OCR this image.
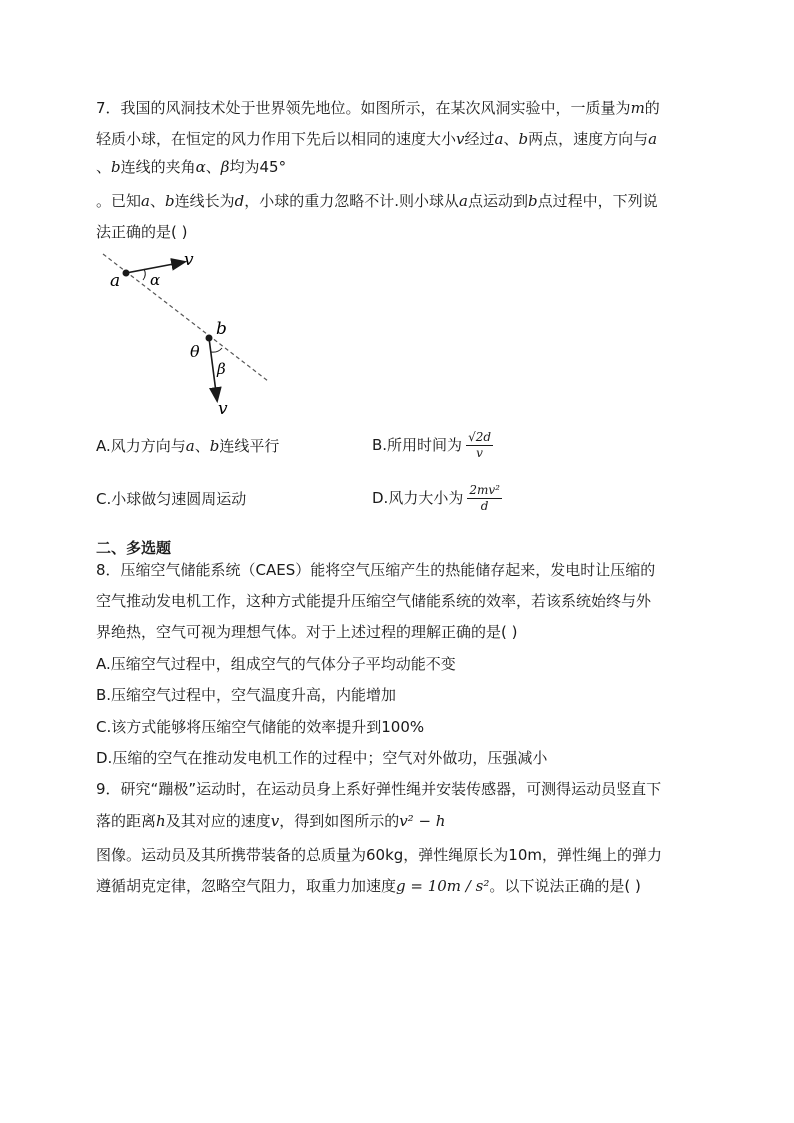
7．我国的风洞技术处于世界领先地位。如图所示，在某次风洞实验中，一质量为m的
轻质小球，在恒定的风力作用下先后以相同的速度大小v经过a、b两点，速度方向与a
、b连线的夹角α、β均为45°
。已知a、b连线长为d，小球的重力忽略不计.则小球从a点运动到b点过程中，下列说
法正确的是( )
a
v
α
b
θ
β
v
A.风力方向与a、b连线平行	B.所用时间为 $\frac{√2d}{v}$
C.小球做匀速圆周运动	D.风力大小为 $\frac{\text{2mv²}}{d}$
二、多选题
8．压缩空气储能系统（CAES）能将空气压缩产生的热能储存起来，发电时让压缩的
空气推动发电机工作，这种方式能提升压缩空气储能系统的效率，若该系统始终与外
界绝热，空气可视为理想气体。对于上述过程的理解正确的是( )
A.压缩空气过程中，组成空气的气体分子平均动能不变
B.压缩空气过程中，空气温度升高，内能增加
C.该方式能够将压缩空气储能的效率提升到100%
D.压缩的空气在推动发电机工作的过程中；空气对外做功，压强减小
9．研究“蹦极”运动时，在运动员身上系好弹性绳并安装传感器，可测得运动员竖直下
落的距离h及其对应的速度v，得到如图所示的v² − h
图像。运动员及其所携带装备的总质量为60kg，弹性绳原长为10m，弹性绳上的弹力
遵循胡克定律，忽略空气阻力，取重力加速度g = 10m / s²。以下说法正确的是( )
